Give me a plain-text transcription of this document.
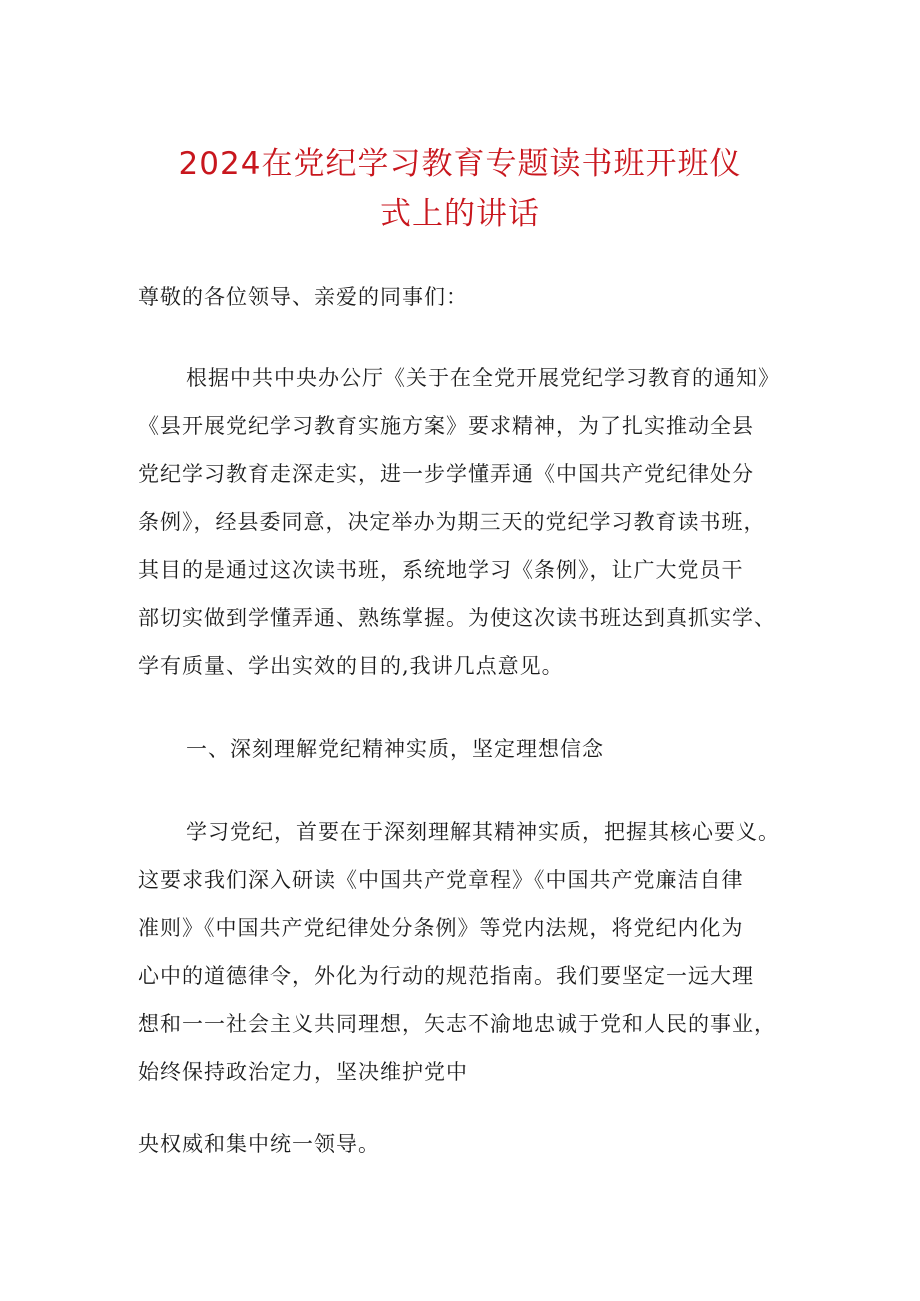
2024在党纪学习教育专题读书班开班仪
式上的讲话
尊敬的各位领导、亲爱的同事们：
根据中共中央办公厅《关于在全党开展党纪学习教育的通知》
《县开展党纪学习教育实施方案》要求精神，为了扎实推动全县
党纪学习教育走深走实，进一步学懂弄通《中国共产党纪律处分
条例》，经县委同意，决定举办为期三天的党纪学习教育读书班，
其目的是通过这次读书班，系统地学习《条例》，让广大党员干
部切实做到学懂弄通、熟练掌握。为使这次读书班达到真抓实学、
学有质量、学出实效的目的,我讲几点意见。
一、深刻理解党纪精神实质，坚定理想信念
学习党纪，首要在于深刻理解其精神实质，把握其核心要义。
这要求我们深入研读《中国共产党章程》《中国共产党廉洁自律
准则》《中国共产党纪律处分条例》等党内法规，将党纪内化为
心中的道德律令，外化为行动的规范指南。我们要坚定一远大理
想和一一社会主义共同理想，矢志不渝地忠诚于党和人民的事业，
始终保持政治定力，坚决维护党中
央权威和集中统一领导。
